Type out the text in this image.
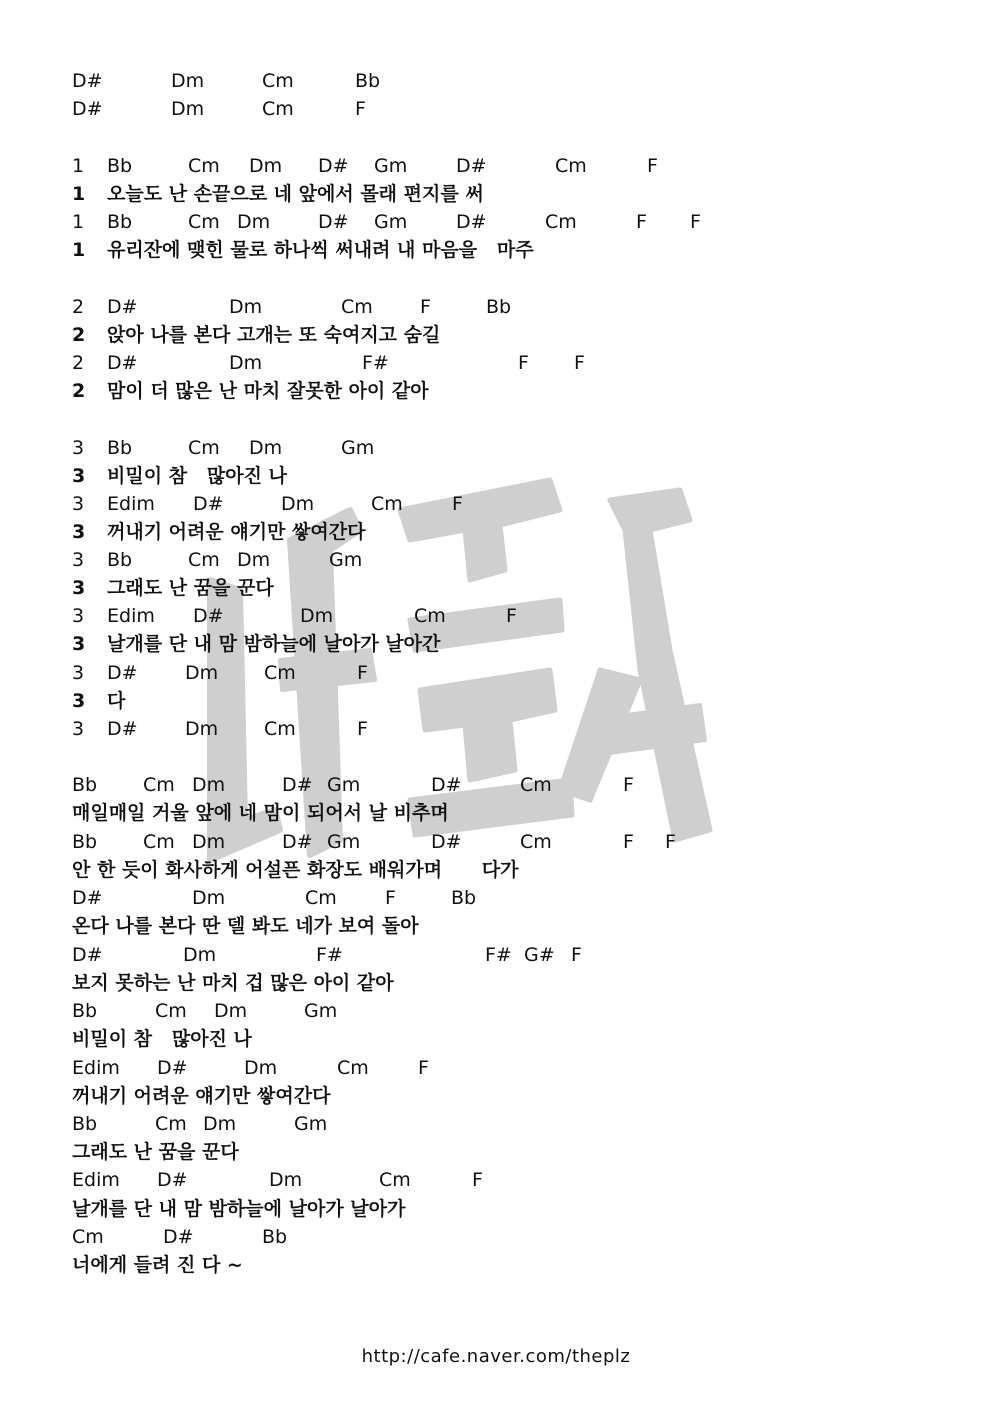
D#	Dm	Cm	Bb
D#	Dm	Cm	F
1 Bb	Cm Dm D# Gm	D#	Cm	F
1 오늘도 난 손끝으로 네 앞에서 몰래 편지를 써
1 Bb	Cm Dm	D# Gm	D#	Cm	F F
1 유리잔에 맺힌 물로 하나씩 써내려 내 마음을   마주
2 D#	Dm	Cm F	Bb
2 앉아 나를 본다 고개는 또 숙여지고 숨길
2 D#	Dm	F#	F F
2 맘이 더 많은 난 마치 잘못한 아이 같아
3 Bb	Cm Dm	Gm
3 비밀이 참   많아진 나
3 Edim D#	Dm	Cm	F
3 꺼내기 어려운 얘기만 쌓여간다
3 Bb	Cm Dm	Gm
3 그래도 난 꿈을 꾼다
3 Edim D#	Dm	Cm	F
3 날개를 단 내 맘 밤하늘에 날아가 날아간
3 D# Dm Cm	F
3 다
3 D# Dm Cm	F
Bb Cm Dm	D# Gm	D#	Cm	F
매일매일 거울 앞에 네 맘이 되어서 날 비추며
Bb Cm Dm	D# Gm	D#	Cm	F F
안 한 듯이 화사하게 어설픈 화장도 배워가며      다가
D#	Dm	Cm	F	Bb
온다 나를 본다 딴 델 봐도 네가 보여 돌아
D#	Dm	F#	F# G# F
보지 못하는 난 마치 겁 많은 아이 같아
Bb	Cm Dm	Gm
비밀이 참   많아진 나
Edim D#	Dm	Cm	F
꺼내기 어려운 얘기만 쌓여간다
Bb	Cm Dm	Gm
그래도 난 꿈을 꾼다
Edim D#	Dm	Cm	F
날개를 단 내 맘 밤하늘에 날아가 날아가
Cm	D#	Bb
너에게 들려 진 다 ~
http://cafe.naver.com/theplz
